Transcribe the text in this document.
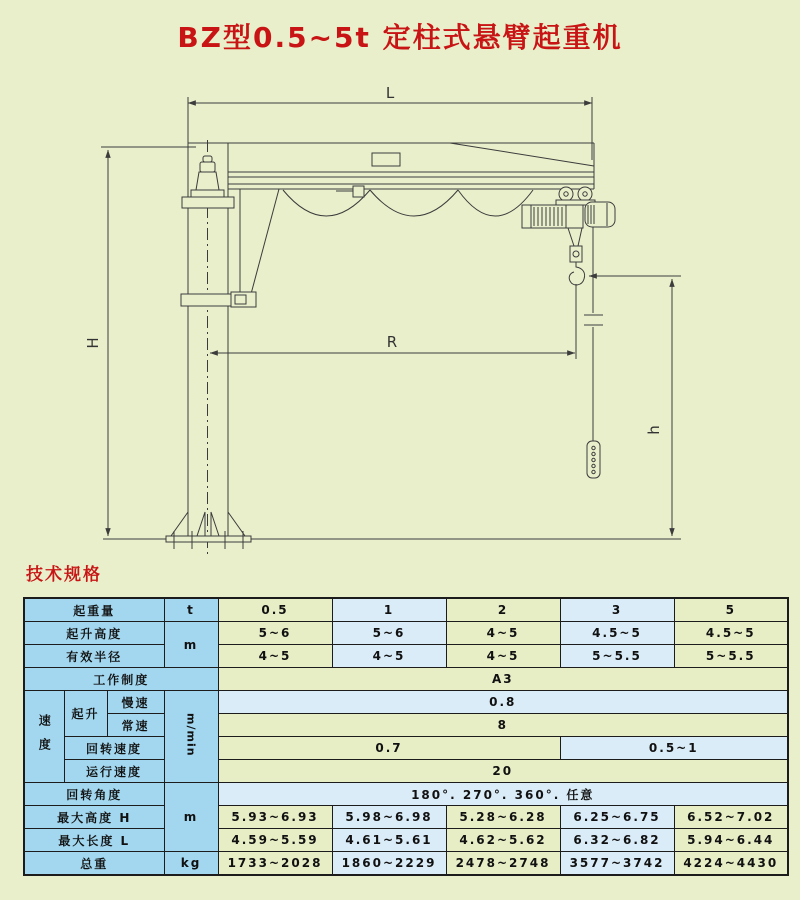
BZ型0.5~5t 定柱式悬臂起重机
L
H	R
h
技术规格
起重量			t	0.5	1	2	3	5
起升高度			m	5~6	5~6	4~5	4.5~5	4.5~5
有效半径				4~5	4~5	4~5	5~5.5	5~5.5
工作制度				A3				
速度	起升	慢速	m/min	0.8				
		常速		8				
	回转速度			0.7			0.5~1	
	运行速度			20				
回转角度			m	180°. 270°. 360°. 任意				
最大高度 H				5.93~6.93	5.98~6.98	5.28~6.28	6.25~6.75	6.52~7.02
最大长度 L				4.59~5.59	4.61~5.61	4.62~5.62	6.32~6.82	5.94~6.44
总重			kg	1733~2028	1860~2229	2478~2748	3577~3742	4224~4430
